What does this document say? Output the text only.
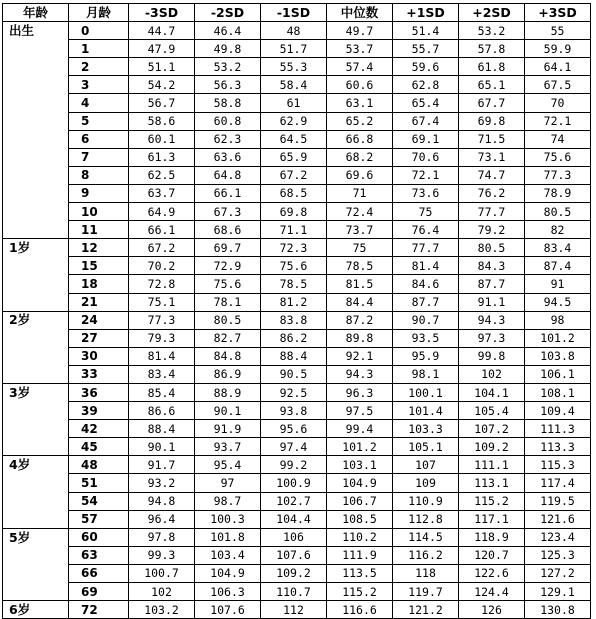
年龄	月龄	-3SD	-2SD	-1SD	中位数	+1SD	+2SD	+3SD
出生	0	44.7	46.4	48	49.7	51.4	53.2	55
	1	47.9	49.8	51.7	53.7	55.7	57.8	59.9
	2	51.1	53.2	55.3	57.4	59.6	61.8	64.1
	3	54.2	56.3	58.4	60.6	62.8	65.1	67.5
	4	56.7	58.8	61	63.1	65.4	67.7	70
	5	58.6	60.8	62.9	65.2	67.4	69.8	72.1
	6	60.1	62.3	64.5	66.8	69.1	71.5	74
	7	61.3	63.6	65.9	68.2	70.6	73.1	75.6
	8	62.5	64.8	67.2	69.6	72.1	74.7	77.3
	9	63.7	66.1	68.5	71	73.6	76.2	78.9
	10	64.9	67.3	69.8	72.4	75	77.7	80.5
	11	66.1	68.6	71.1	73.7	76.4	79.2	82
1岁	12	67.2	69.7	72.3	75	77.7	80.5	83.4
	15	70.2	72.9	75.6	78.5	81.4	84.3	87.4
	18	72.8	75.6	78.5	81.5	84.6	87.7	91
	21	75.1	78.1	81.2	84.4	87.7	91.1	94.5
2岁	24	77.3	80.5	83.8	87.2	90.7	94.3	98
	27	79.3	82.7	86.2	89.8	93.5	97.3	101.2
	30	81.4	84.8	88.4	92.1	95.9	99.8	103.8
	33	83.4	86.9	90.5	94.3	98.1	102	106.1
3岁	36	85.4	88.9	92.5	96.3	100.1	104.1	108.1
	39	86.6	90.1	93.8	97.5	101.4	105.4	109.4
	42	88.4	91.9	95.6	99.4	103.3	107.2	111.3
	45	90.1	93.7	97.4	101.2	105.1	109.2	113.3
4岁	48	91.7	95.4	99.2	103.1	107	111.1	115.3
	51	93.2	97	100.9	104.9	109	113.1	117.4
	54	94.8	98.7	102.7	106.7	110.9	115.2	119.5
	57	96.4	100.3	104.4	108.5	112.8	117.1	121.6
5岁	60	97.8	101.8	106	110.2	114.5	118.9	123.4
	63	99.3	103.4	107.6	111.9	116.2	120.7	125.3
	66	100.7	104.9	109.2	113.5	118	122.6	127.2
	69	102	106.3	110.7	115.2	119.7	124.4	129.1
6岁	72	103.2	107.6	112	116.6	121.2	126	130.8
